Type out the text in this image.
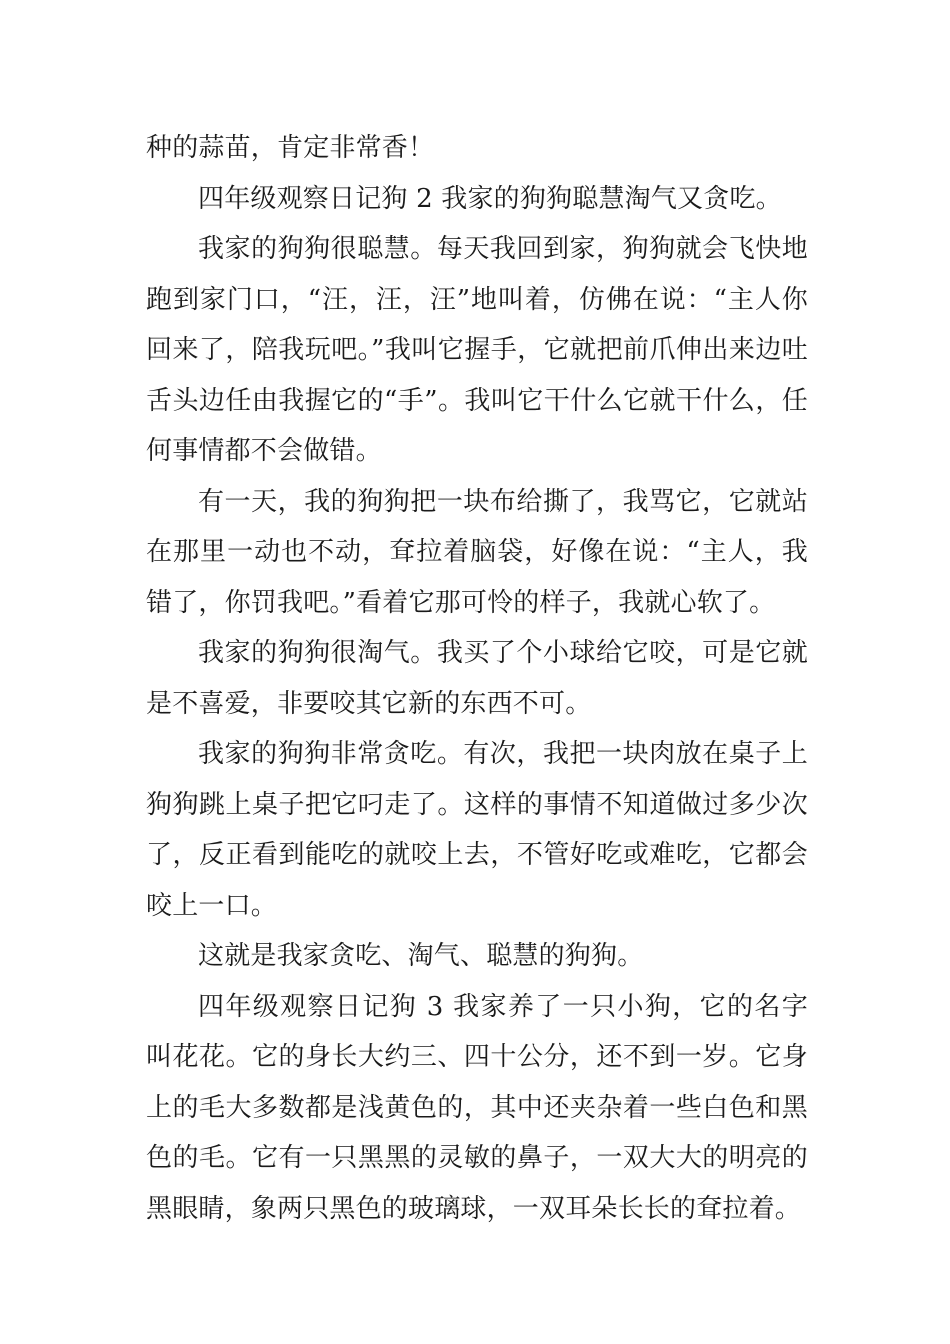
种的蒜苗，肯定非常香！

四年级观察日记狗 2 我家的狗狗聪慧淘气又贪吃。

我家的狗狗很聪慧。每天我回到家，狗狗就会飞快地跑到家门口，“汪，汪，汪”地叫着，仿佛在说：“主人你回来了，陪我玩吧。”我叫它握手，它就把前爪伸出来边吐舌头边任由我握它的“手”。我叫它干什么它就干什么，任何事情都不会做错。

有一天，我的狗狗把一块布给撕了，我骂它，它就站在那里一动也不动，耷拉着脑袋，好像在说：“主人，我错了，你罚我吧。”看着它那可怜的样子，我就心软了。

我家的狗狗很淘气。我买了个小球给它咬，可是它就是不喜爱，非要咬其它新的东西不可。

我家的狗狗非常贪吃。有次，我把一块肉放在桌子上狗狗跳上桌子把它叼走了。这样的事情不知道做过多少次了，反正看到能吃的就咬上去，不管好吃或难吃，它都会咬上一口。

这就是我家贪吃、淘气、聪慧的狗狗。

四年级观察日记狗 3 我家养了一只小狗，它的名字叫花花。它的身长大约三、四十公分，还不到一岁。它身上的毛大多数都是浅黄色的，其中还夹杂着一些白色和黑色的毛。它有一只黑黑的灵敏的鼻子，一双大大的明亮的黑眼睛，象两只黑色的玻璃球，一双耳朵长长的耷拉着。
